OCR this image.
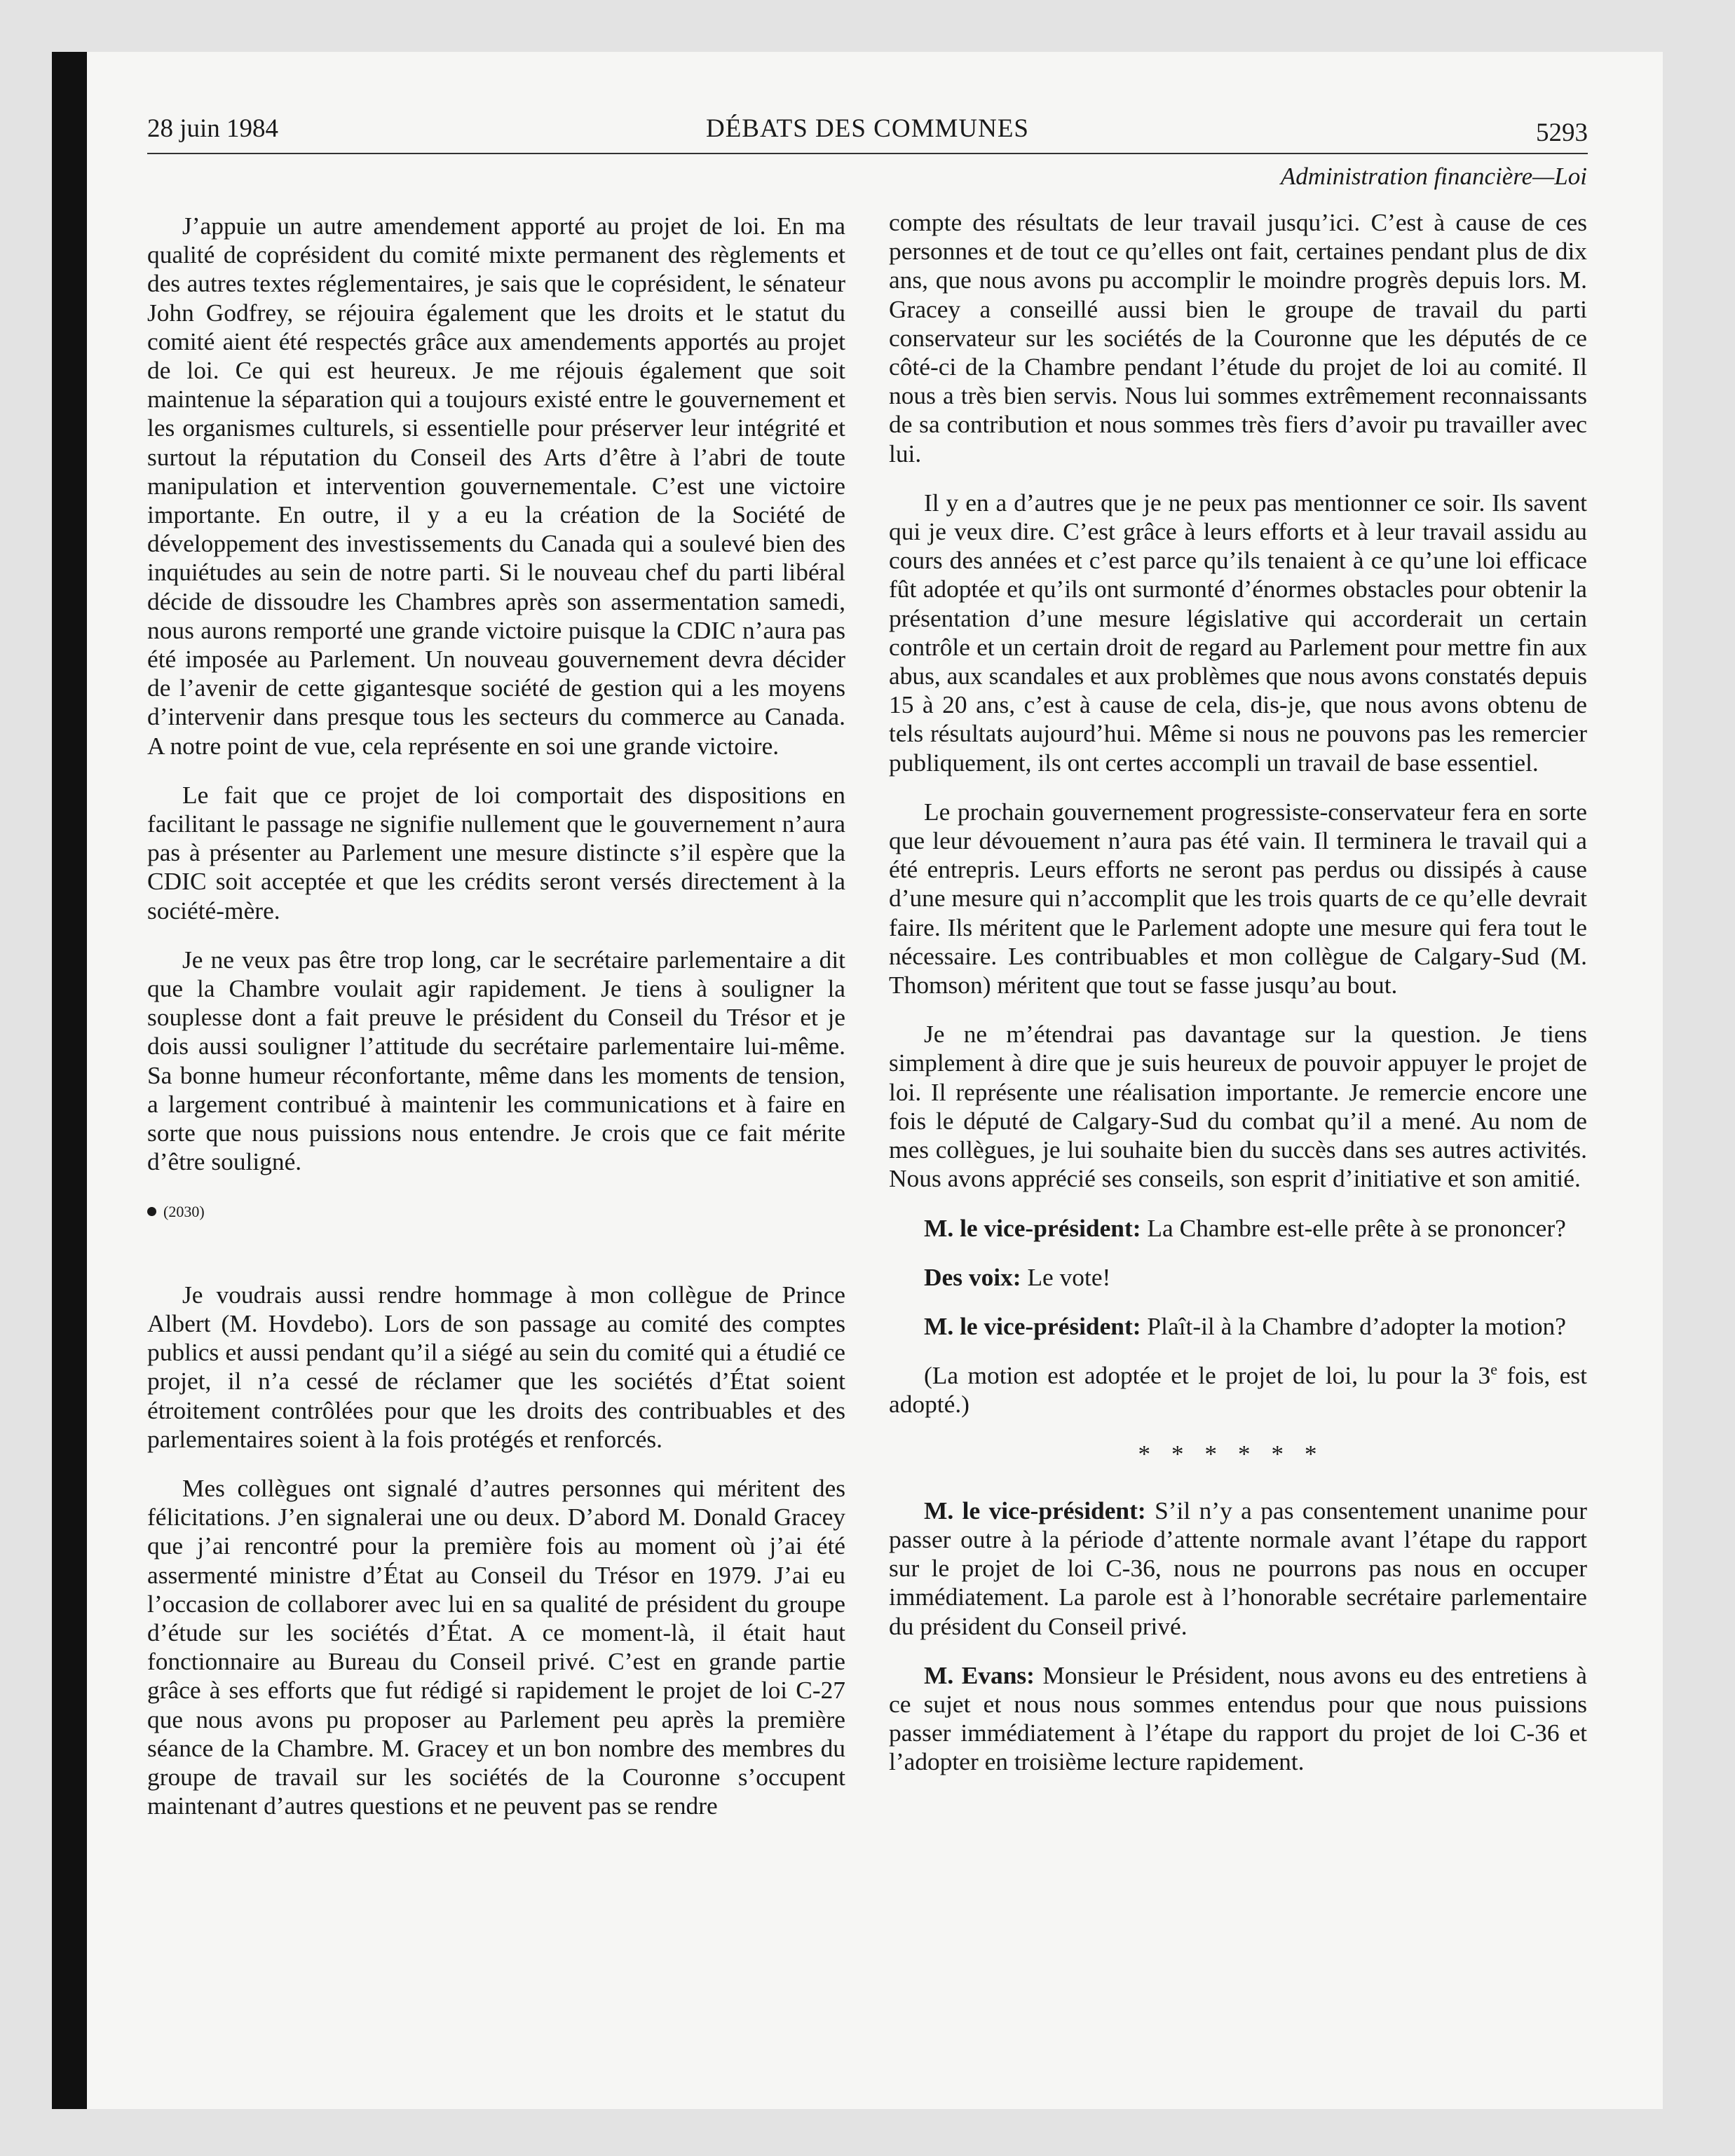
28 juin 1984	DÉBATS DES COMMUNES	5293
Administration financière—Loi

J’appuie un autre amendement apporté au projet de loi. En ma qualité de coprésident du comité mixte permanent des règlements et des autres textes réglementaires, je sais que le coprésident, le sénateur John Godfrey, se réjouira également que les droits et le statut du comité aient été respectés grâce aux amendements apportés au projet de loi. Ce qui est heureux. Je me réjouis également que soit maintenue la séparation qui a toujours existé entre le gouvernement et les organismes culturels, si essentielle pour préserver leur intégrité et surtout la réputation du Conseil des Arts d’être à l’abri de toute manipulation et intervention gouvernementale. C’est une victoire importante. En outre, il y a eu la création de la Société de développement des investissements du Canada qui a soulevé bien des inquiétudes au sein de notre parti. Si le nouveau chef du parti libéral décide de dissoudre les Chambres après son assermentation samedi, nous aurons remporté une grande victoire puisque la CDIC n’aura pas été imposée au Parlement. Un nouveau gouvernement devra décider de l’avenir de cette gigantesque société de gestion qui a les moyens d’intervenir dans presque tous les secteurs du commerce au Canada. A notre point de vue, cela représente en soi une grande victoire.

Le fait que ce projet de loi comportait des dispositions en facilitant le passage ne signifie nullement que le gouvernement n’aura pas à présenter au Parlement une mesure distincte s’il espère que la CDIC soit acceptée et que les crédits seront versés directement à la société-mère.

Je ne veux pas être trop long, car le secrétaire parlementaire a dit que la Chambre voulait agir rapidement. Je tiens à souligner la souplesse dont a fait preuve le président du Conseil du Trésor et je dois aussi souligner l’attitude du secrétaire parlementaire lui-même. Sa bonne humeur réconfortante, même dans les moments de tension, a largement contribué à maintenir les communications et à faire en sorte que nous puissions nous entendre. Je crois que ce fait mérite d’être souligné.

(2030)

Je voudrais aussi rendre hommage à mon collègue de Prince Albert (M. Hovdebo). Lors de son passage au comité des comptes publics et aussi pendant qu’il a siégé au sein du comité qui a étudié ce projet, il n’a cessé de réclamer que les sociétés d’État soient étroitement contrôlées pour que les droits des contribuables et des parlementaires soient à la fois protégés et renforcés.

Mes collègues ont signalé d’autres personnes qui méritent des félicitations. J’en signalerai une ou deux. D’abord M. Donald Gracey que j’ai rencontré pour la première fois au moment où j’ai été assermenté ministre d’État au Conseil du Trésor en 1979. J’ai eu l’occasion de collaborer avec lui en sa qualité de président du groupe d’étude sur les sociétés d’État. A ce moment-là, il était haut fonctionnaire au Bureau du Conseil privé. C’est en grande partie grâce à ses efforts que fut rédigé si rapidement le projet de loi C-27 que nous avons pu proposer au Parlement peu après la première séance de la Chambre. M. Gracey et un bon nombre des membres du groupe de travail sur les sociétés de la Couronne s’occupent maintenant d’autres questions et ne peuvent pas se rendre

compte des résultats de leur travail jusqu’ici. C’est à cause de ces personnes et de tout ce qu’elles ont fait, certaines pendant plus de dix ans, que nous avons pu accomplir le moindre progrès depuis lors. M. Gracey a conseillé aussi bien le groupe de travail du parti conservateur sur les sociétés de la Couronne que les députés de ce côté-ci de la Chambre pendant l’étude du projet de loi au comité. Il nous a très bien servis. Nous lui sommes extrêmement reconnaissants de sa contribution et nous sommes très fiers d’avoir pu travailler avec lui.

Il y en a d’autres que je ne peux pas mentionner ce soir. Ils savent qui je veux dire. C’est grâce à leurs efforts et à leur travail assidu au cours des années et c’est parce qu’ils tenaient à ce qu’une loi efficace fût adoptée et qu’ils ont surmonté d’énormes obstacles pour obtenir la présentation d’une mesure législative qui accorderait un certain contrôle et un certain droit de regard au Parlement pour mettre fin aux abus, aux scandales et aux problèmes que nous avons constatés depuis 15 à 20 ans, c’est à cause de cela, dis-je, que nous avons obtenu de tels résultats aujourd’hui. Même si nous ne pouvons pas les remercier publiquement, ils ont certes accompli un travail de base essentiel.

Le prochain gouvernement progressiste-conservateur fera en sorte que leur dévouement n’aura pas été vain. Il terminera le travail qui a été entrepris. Leurs efforts ne seront pas perdus ou dissipés à cause d’une mesure qui n’accomplit que les trois quarts de ce qu’elle devrait faire. Ils méritent que le Parlement adopte une mesure qui fera tout le nécessaire. Les contribuables et mon collègue de Calgary-Sud (M. Thomson) méritent que tout se fasse jusqu’au bout.

Je ne m’étendrai pas davantage sur la question. Je tiens simplement à dire que je suis heureux de pouvoir appuyer le projet de loi. Il représente une réalisation importante. Je remercie encore une fois le député de Calgary-Sud du combat qu’il a mené. Au nom de mes collègues, je lui souhaite bien du succès dans ses autres activités. Nous avons apprécié ses conseils, son esprit d’initiative et son amitié.

M. le vice-président: La Chambre est-elle prête à se prononcer?

Des voix: Le vote!

M. le vice-président: Plaît-il à la Chambre d’adopter la motion?

(La motion est adoptée et le projet de loi, lu pour la 3e fois, est adopté.)

******

M. le vice-président: S’il n’y a pas consentement unanime pour passer outre à la période d’attente normale avant l’étape du rapport sur le projet de loi C-36, nous ne pourrons pas nous en occuper immédiatement. La parole est à l’honorable secrétaire parlementaire du président du Conseil privé.

M. Evans: Monsieur le Président, nous avons eu des entretiens à ce sujet et nous nous sommes entendus pour que nous puissions passer immédiatement à l’étape du rapport du projet de loi C-36 et l’adopter en troisième lecture rapidement.
